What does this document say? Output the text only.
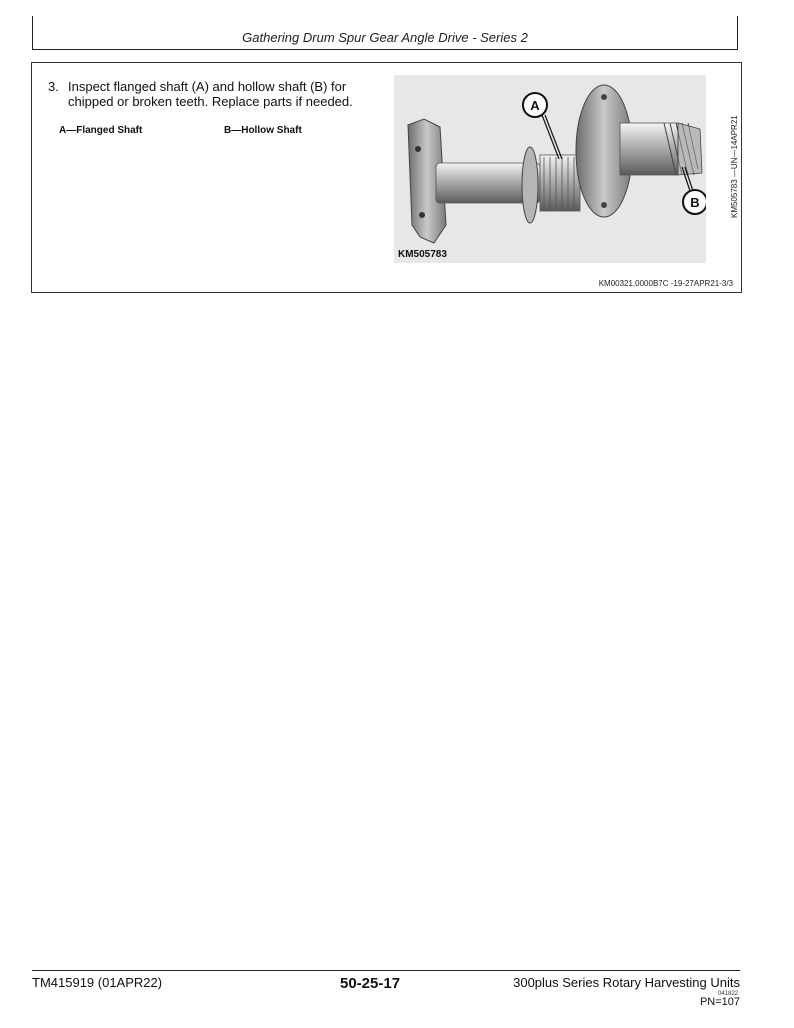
Gathering Drum Spur Gear Angle Drive - Series 2
3. Inspect flanged shaft (A) and hollow shaft (B) for chipped or broken teeth. Replace parts if needed.
A—Flanged Shaft	B—Hollow Shaft
A
B
KM505783
KM505783 —UN—14APR21
KM00321,0000B7C -19-27APR21-3/3
TM415919 (01APR22)	50-25-17	300plus Series Rotary Harvesting Units
041822
PN=107
